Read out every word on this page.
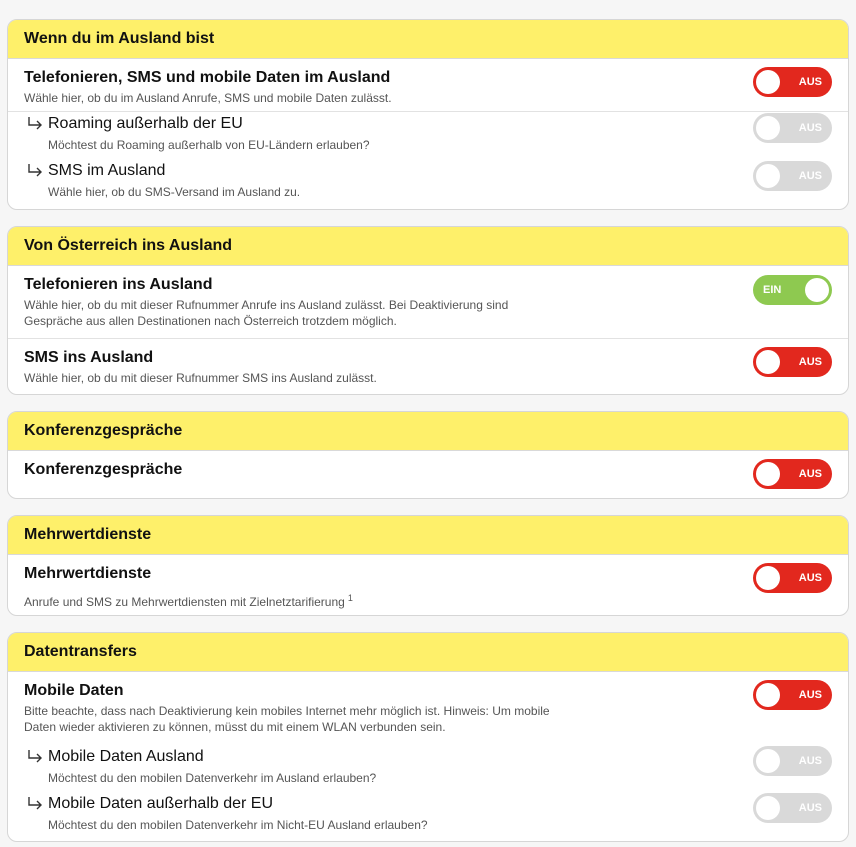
Wenn du im Ausland bist
Telefonieren, SMS und mobile Daten im Ausland
Wähle hier, ob du im Ausland Anrufe, SMS und mobile Daten zulässt.
AUS
Roaming außerhalb der EU
Möchtest du Roaming außerhalb von EU-Ländern erlauben?
AUS
SMS im Ausland
Wähle hier, ob du SMS-Versand im Ausland zu.
AUS
Von Österreich ins Ausland
Telefonieren ins Ausland
Wähle hier, ob du mit dieser Rufnummer Anrufe ins Ausland zulässt. Bei Deaktivierung sind Gespräche aus allen Destinationen nach Österreich trotzdem möglich.
EIN
SMS ins Ausland
Wähle hier, ob du mit dieser Rufnummer SMS ins Ausland zulässt.
AUS
Konferenzgespräche
Konferenzgespräche	AUS
Mehrwertdienste
Mehrwertdienste
Anrufe und SMS zu Mehrwertdiensten mit Zielnetztarifierung $^1$
AUS
Datentransfers
Mobile Daten
Bitte beachte, dass nach Deaktivierung kein mobiles Internet mehr möglich ist. Hinweis: Um mobile Daten wieder aktivieren zu können, müsst du mit einem WLAN verbunden sein.
AUS
Mobile Daten Ausland
Möchtest du den mobilen Datenverkehr im Ausland erlauben?
AUS
Mobile Daten außerhalb der EU
Möchtest du den mobilen Datenverkehr im Nicht-EU Ausland erlauben?
AUS
